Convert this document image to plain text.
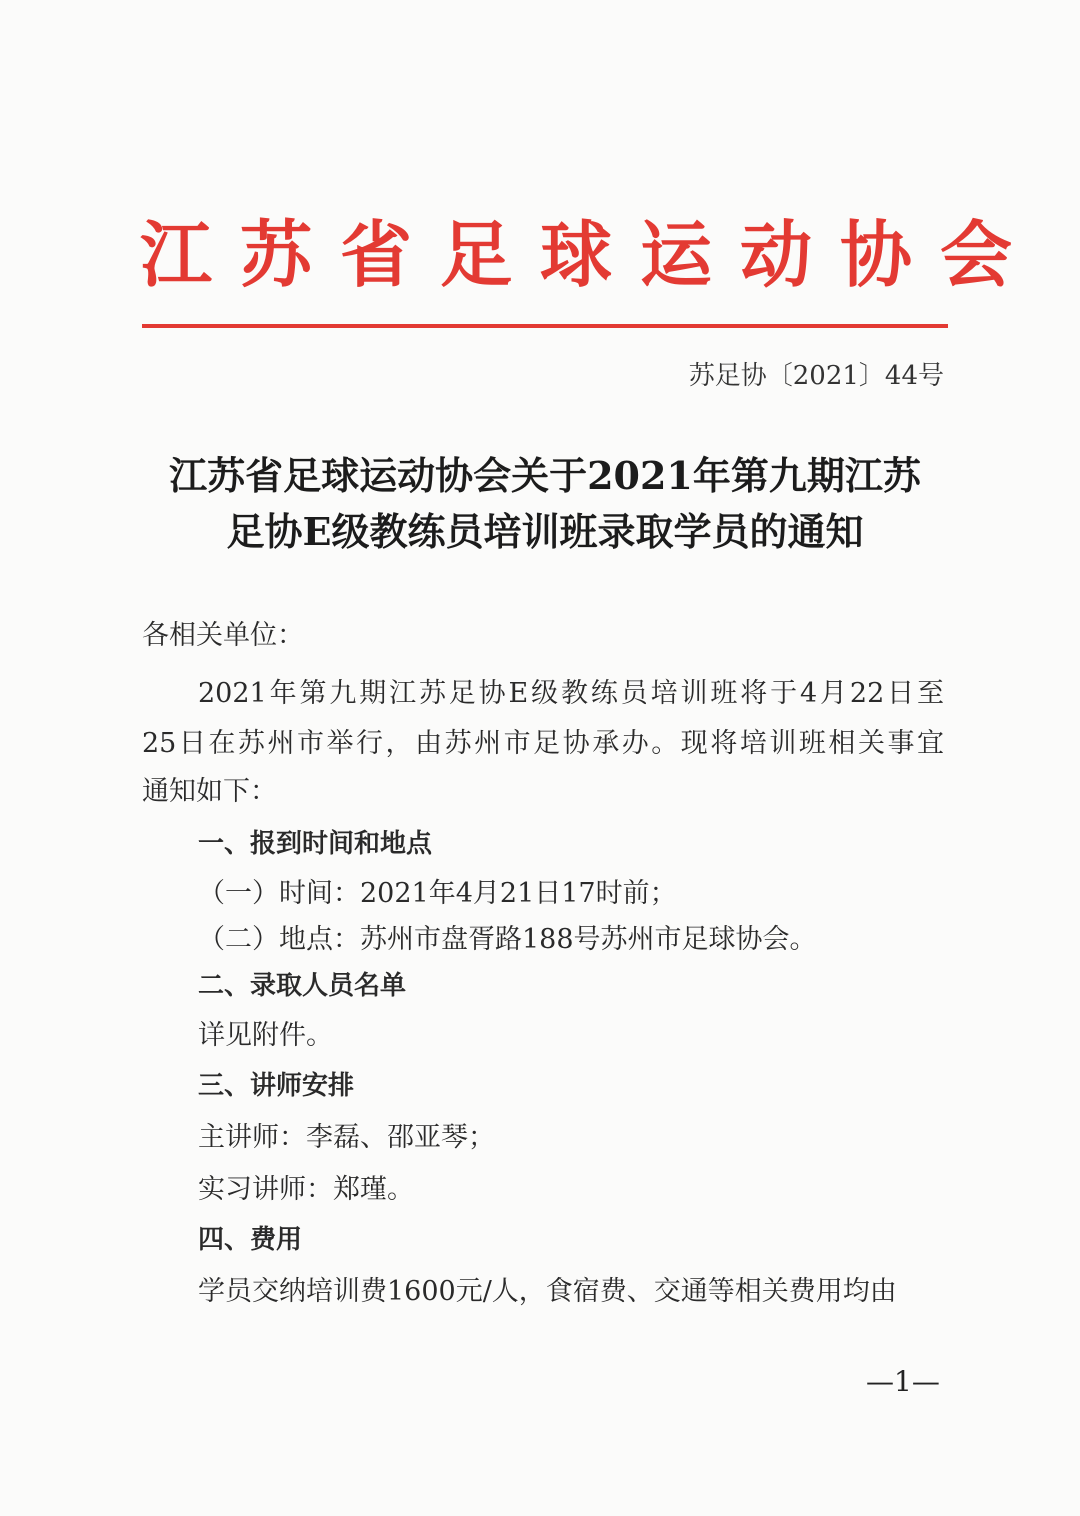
江苏省足球运动协会
苏足协〔2021〕44号
江苏省足球运动协会关于2021年第九期江苏
足协E级教练员培训班录取学员的通知
各相关单位：
2021年第九期江苏足协E级教练员培训班将于4月22日至
25日在苏州市举行，由苏州市足协承办。现将培训班相关事宜
通知如下：
一、报到时间和地点
（一）时间：2021年4月21日17时前；
（二）地点：苏州市盘胥路188号苏州市足球协会。
二、录取人员名单
详见附件。
三、讲师安排
主讲师：李磊、邵亚琴；
实习讲师：郑瑾。
四、费用
学员交纳培训费1600元/人，食宿费、交通等相关费用均由
—1—
